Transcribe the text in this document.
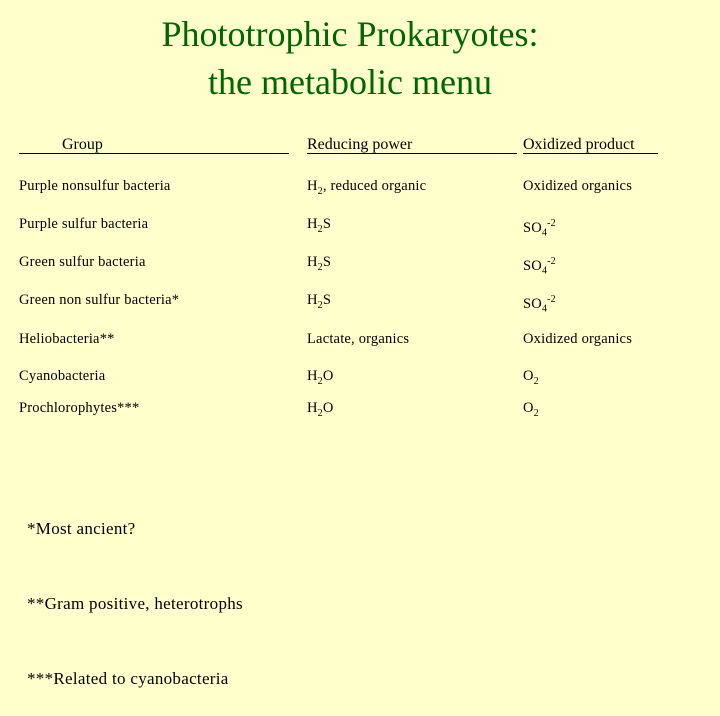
Phototrophic Prokaryotes:
the metabolic menu
Group	Reducing power	Oxidized product
Purple nonsulfur bacteria	$H_2$, reduced organic	Oxidized organics
Purple sulfur bacteria	$H_2S$	$SO_4^{-2}$
Green sulfur bacteria	$H_2S$	$SO_4^{-2}$
Green non sulfur bacteria*	$H_2S$	$SO_4^{-2}$
Heliobacteria**	Lactate, organics	Oxidized organics
Cyanobacteria	$H_2O$	$O_2$
Prochlorophytes***	$H_2O$	$O_2$

*Most ancient?

**Gram positive, heterotrophs

***Related to cyanobacteria
